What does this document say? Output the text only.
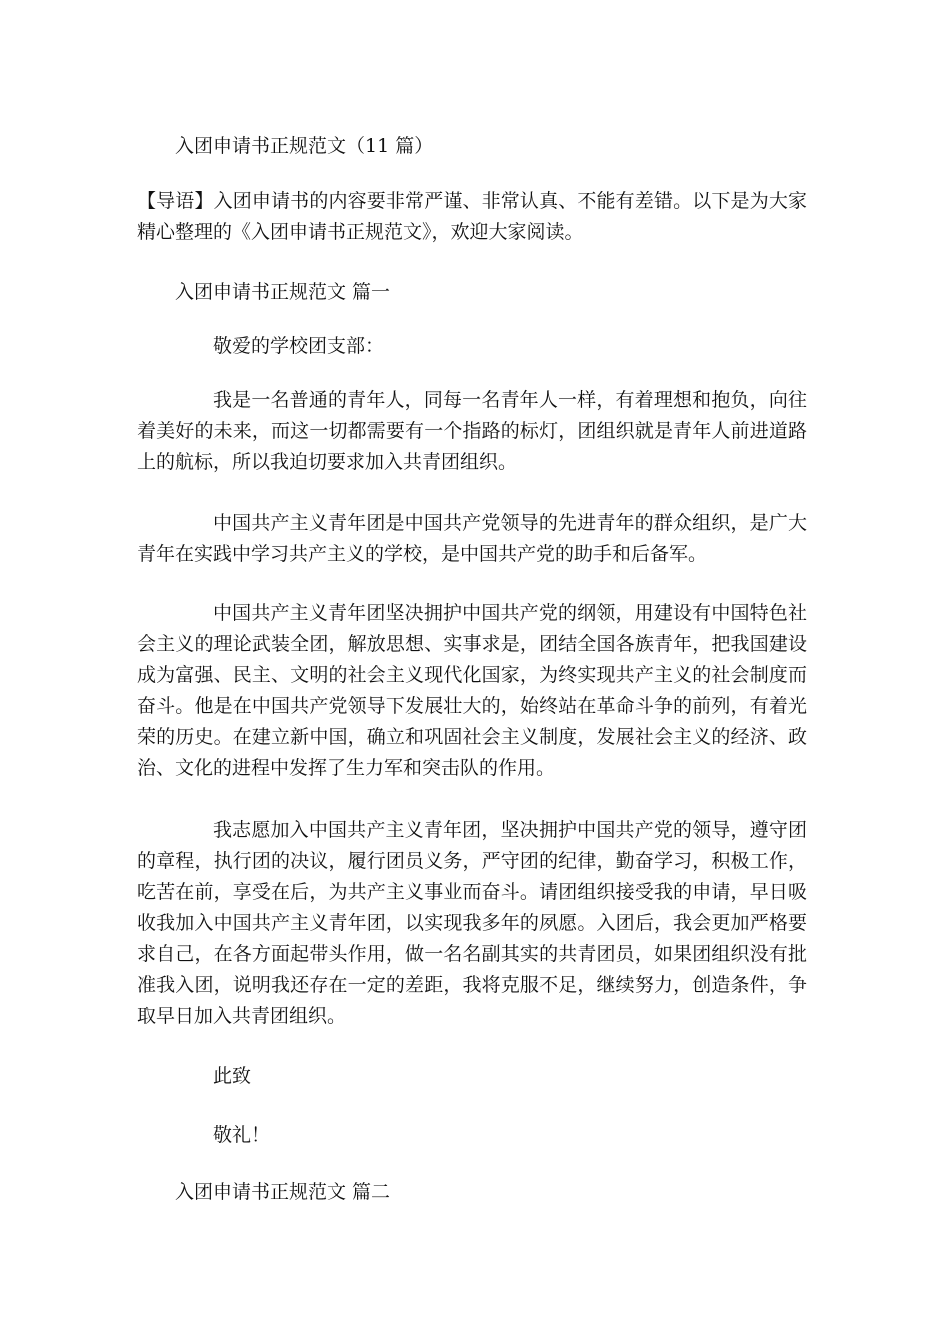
入团申请书正规范文（11 篇）

【导语】入团申请书的内容要非常严谨、非常认真、不能有差错。以下是为大家精心整理的《入团申请书正规范文》，欢迎大家阅读。

入团申请书正规范文 篇一

敬爱的学校团支部：

我是一名普通的青年人，同每一名青年人一样，有着理想和抱负，向往着美好的未来，而这一切都需要有一个指路的标灯，团组织就是青年人前进道路上的航标，所以我迫切要求加入共青团组织。

中国共产主义青年团是中国共产党领导的先进青年的群众组织，是广大青年在实践中学习共产主义的学校，是中国共产党的助手和后备军。

中国共产主义青年团坚决拥护中国共产党的纲领，用建设有中国特色社会主义的理论武装全团，解放思想、实事求是，团结全国各族青年，把我国建设成为富强、民主、文明的社会主义现代化国家，为终实现共产主义的社会制度而奋斗。他是在中国共产党领导下发展壮大的，始终站在革命斗争的前列，有着光荣的历史。在建立新中国，确立和巩固社会主义制度，发展社会主义的经济、政治、文化的进程中发挥了生力军和突击队的作用。

我志愿加入中国共产主义青年团，坚决拥护中国共产党的领导，遵守团的章程，执行团的决议，履行团员义务，严守团的纪律，勤奋学习，积极工作，吃苦在前，享受在后，为共产主义事业而奋斗。请团组织接受我的申请，早日吸收我加入中国共产主义青年团，以实现我多年的夙愿。入团后，我会更加严格要求自己，在各方面起带头作用，做一名名副其实的共青团员，如果团组织没有批准我入团，说明我还存在一定的差距，我将克服不足，继续努力，创造条件，争取早日加入共青团组织。

此致

敬礼！

入团申请书正规范文 篇二
